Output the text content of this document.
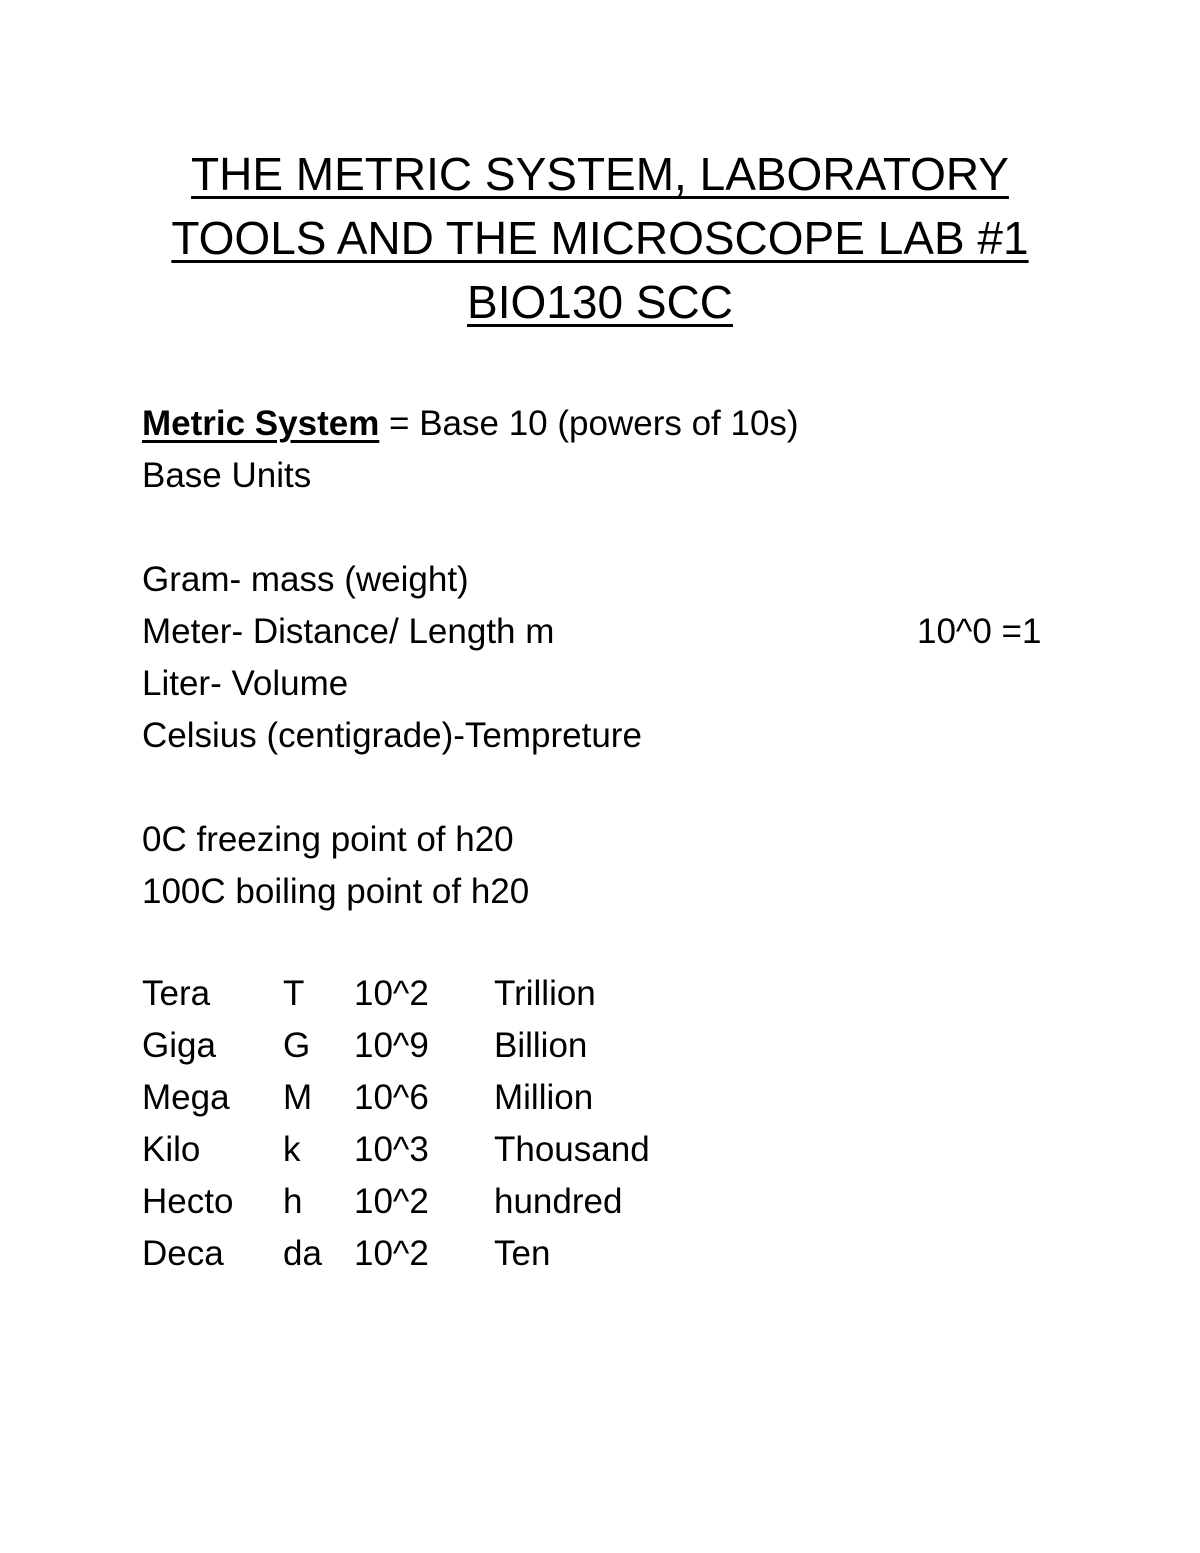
THE METRIC SYSTEM, LABORATORY
TOOLS AND THE MICROSCOPE LAB #1
BIO130 SCC
Metric System = Base 10 (powers of 10s)
Base Units
Gram- mass (weight)
Meter- Distance/ Length m	10^0 =1
Liter- Volume
Celsius (centigrade)-Tempreture
0C freezing point of h20
100C boiling point of h20
Tera	T	10^2	Trillion
Giga	G	10^9	Billion
Mega	M	10^6	Million
Kilo	k	10^3	Thousand
Hecto	h	10^2	hundred
Deca	da	10^2	Ten
